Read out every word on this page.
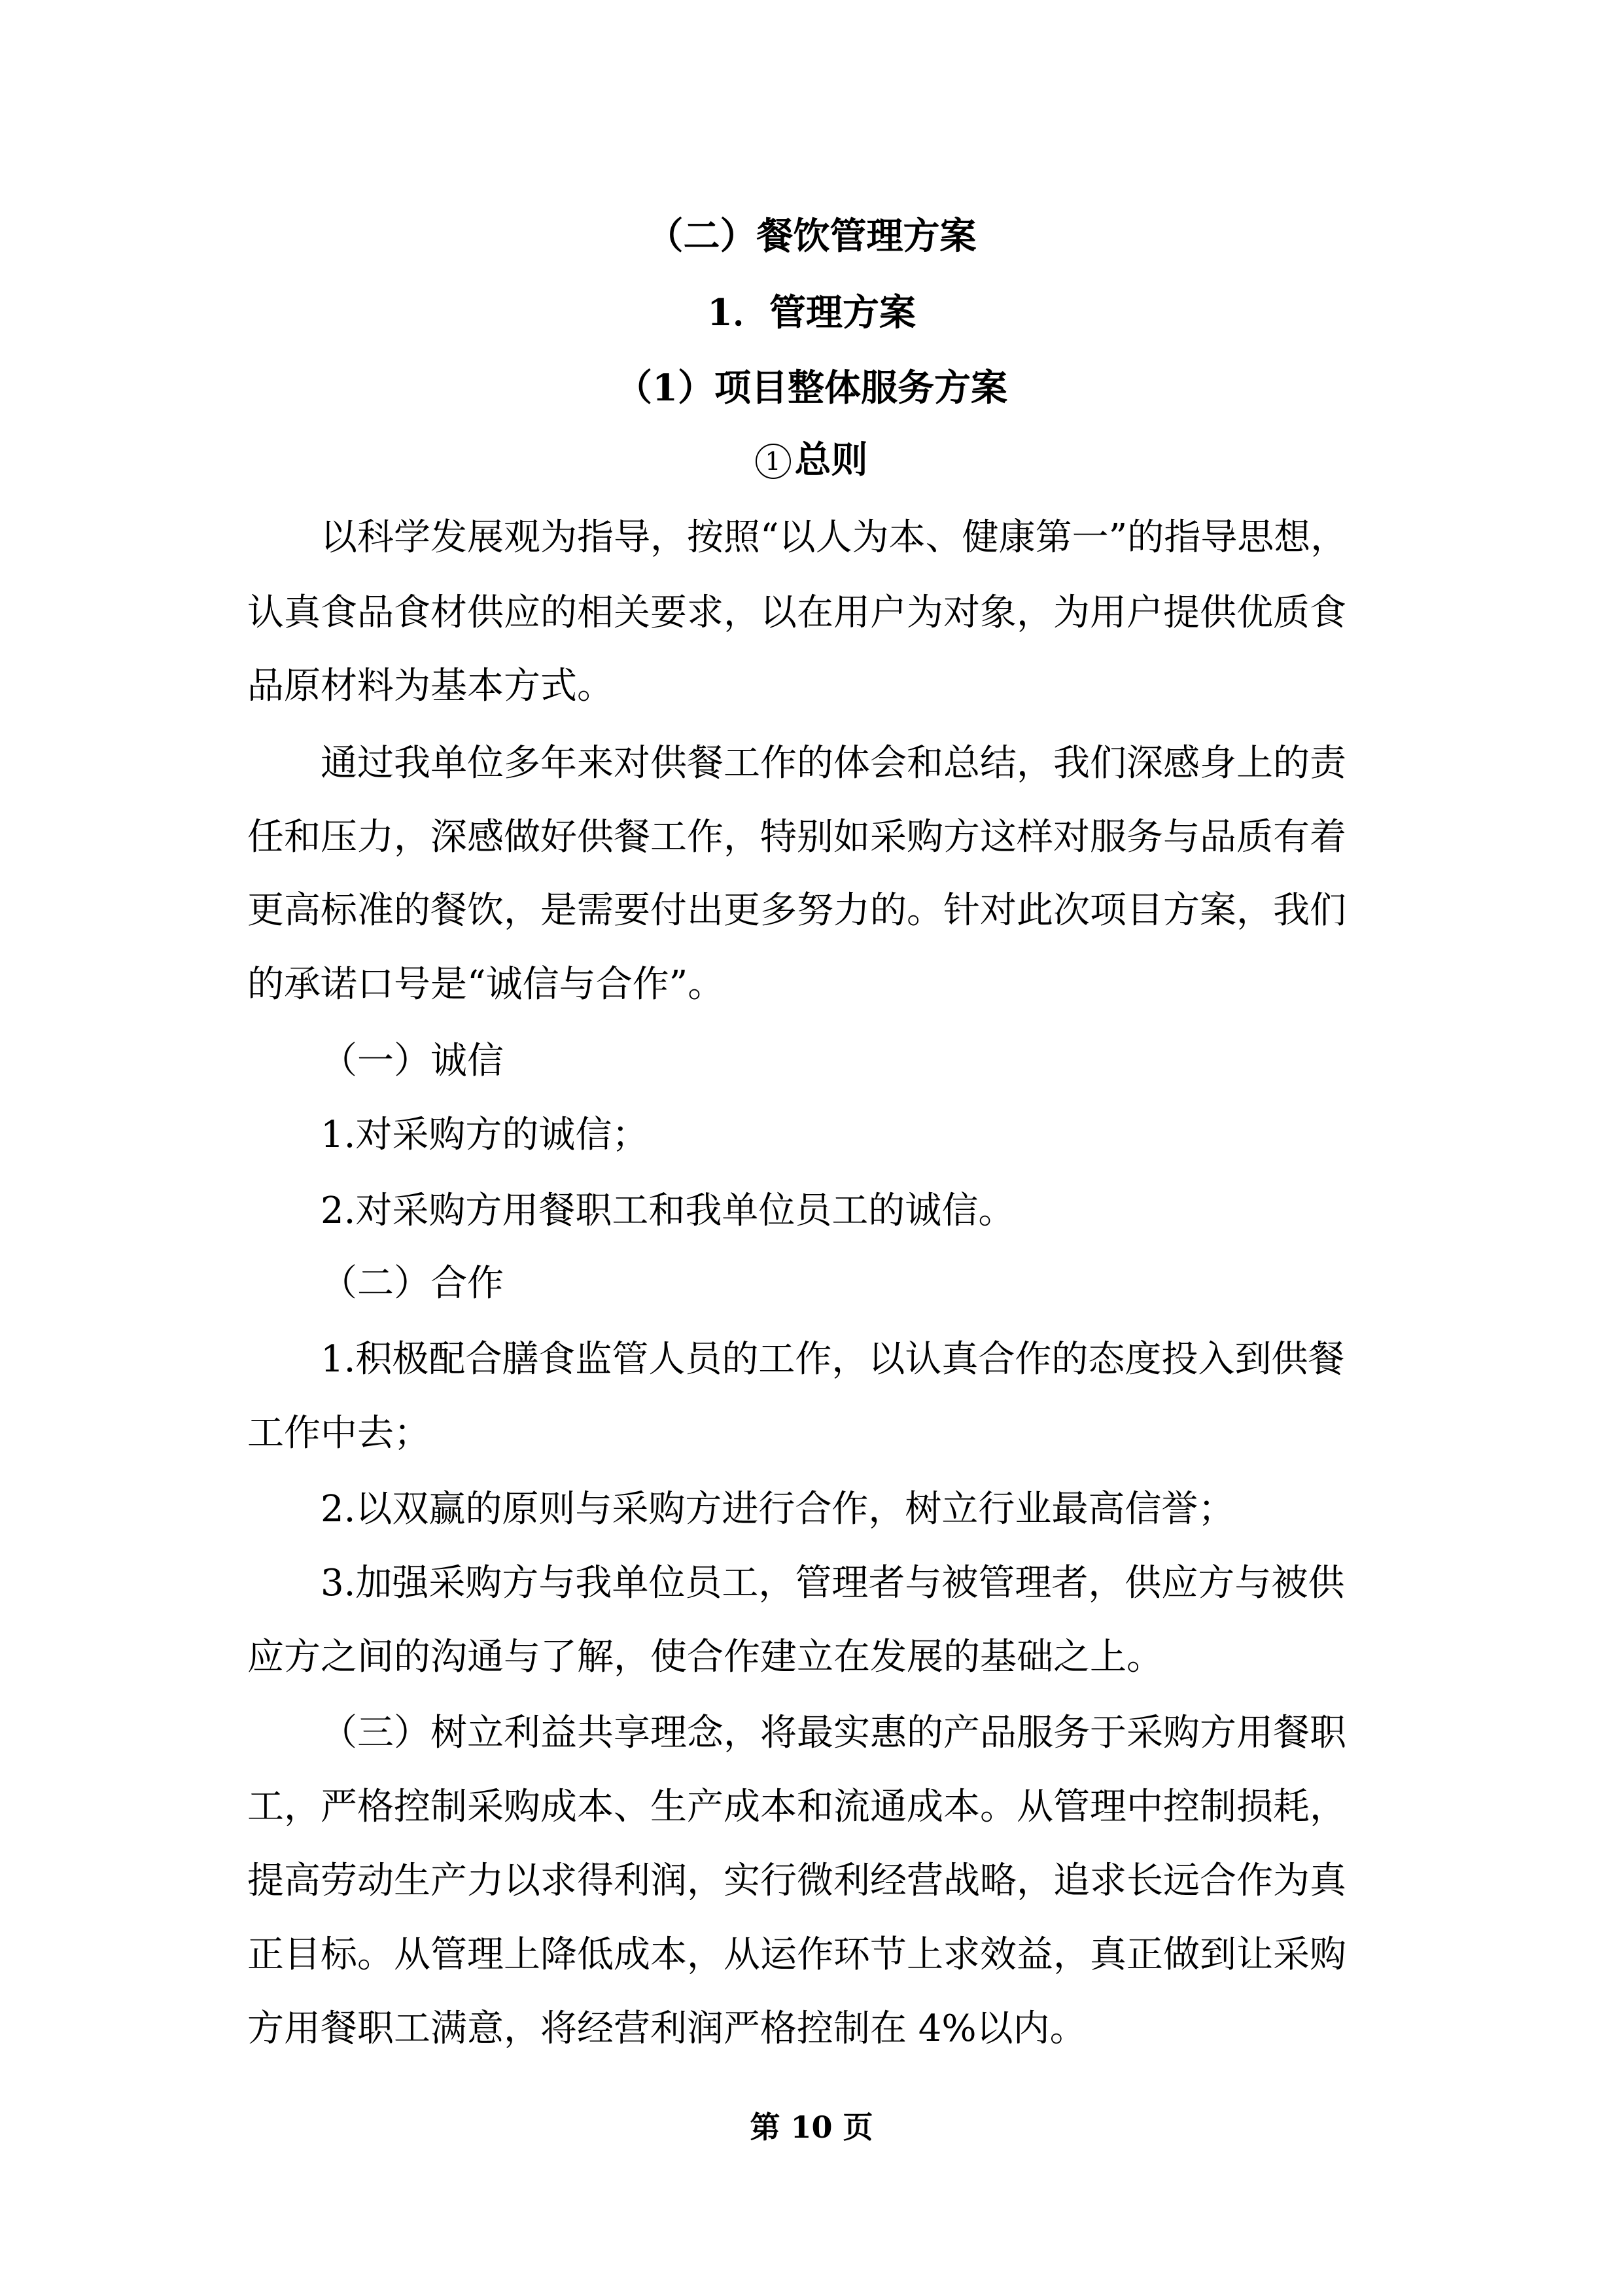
（二）餐饮管理方案
1．管理方案
（1）项目整体服务方案
1 总则
以科学发展观为指导，按照“以人为本、健康第一”的指导思想，
认真食品食材供应的相关要求，以在用户为对象，为用户提供优质食
品原材料为基本方式。
通过我单位多年来对供餐工作的体会和总结，我们深感身上的责
任和压力，深感做好供餐工作，特别如采购方这样对服务与品质有着
更高标准的餐饮，是需要付出更多努力的。针对此次项目方案，我们
的承诺口号是“诚信与合作”。
（一）诚信
1.对采购方的诚信；
2.对采购方用餐职工和我单位员工的诚信。
（二）合作
1.积极配合膳食监管人员的工作，以认真合作的态度投入到供餐
工作中去；
2.以双赢的原则与采购方进行合作，树立行业最高信誉；
3.加强采购方与我单位员工，管理者与被管理者，供应方与被供
应方之间的沟通与了解，使合作建立在发展的基础之上。
（三）树立利益共享理念，将最实惠的产品服务于采购方用餐职
工，严格控制采购成本、生产成本和流通成本。从管理中控制损耗，
提高劳动生产力以求得利润，实行微利经营战略，追求长远合作为真
正目标。从管理上降低成本，从运作环节上求效益，真正做到让采购
方用餐职工满意，将经营利润严格控制在 4%以内。
第 10 页
